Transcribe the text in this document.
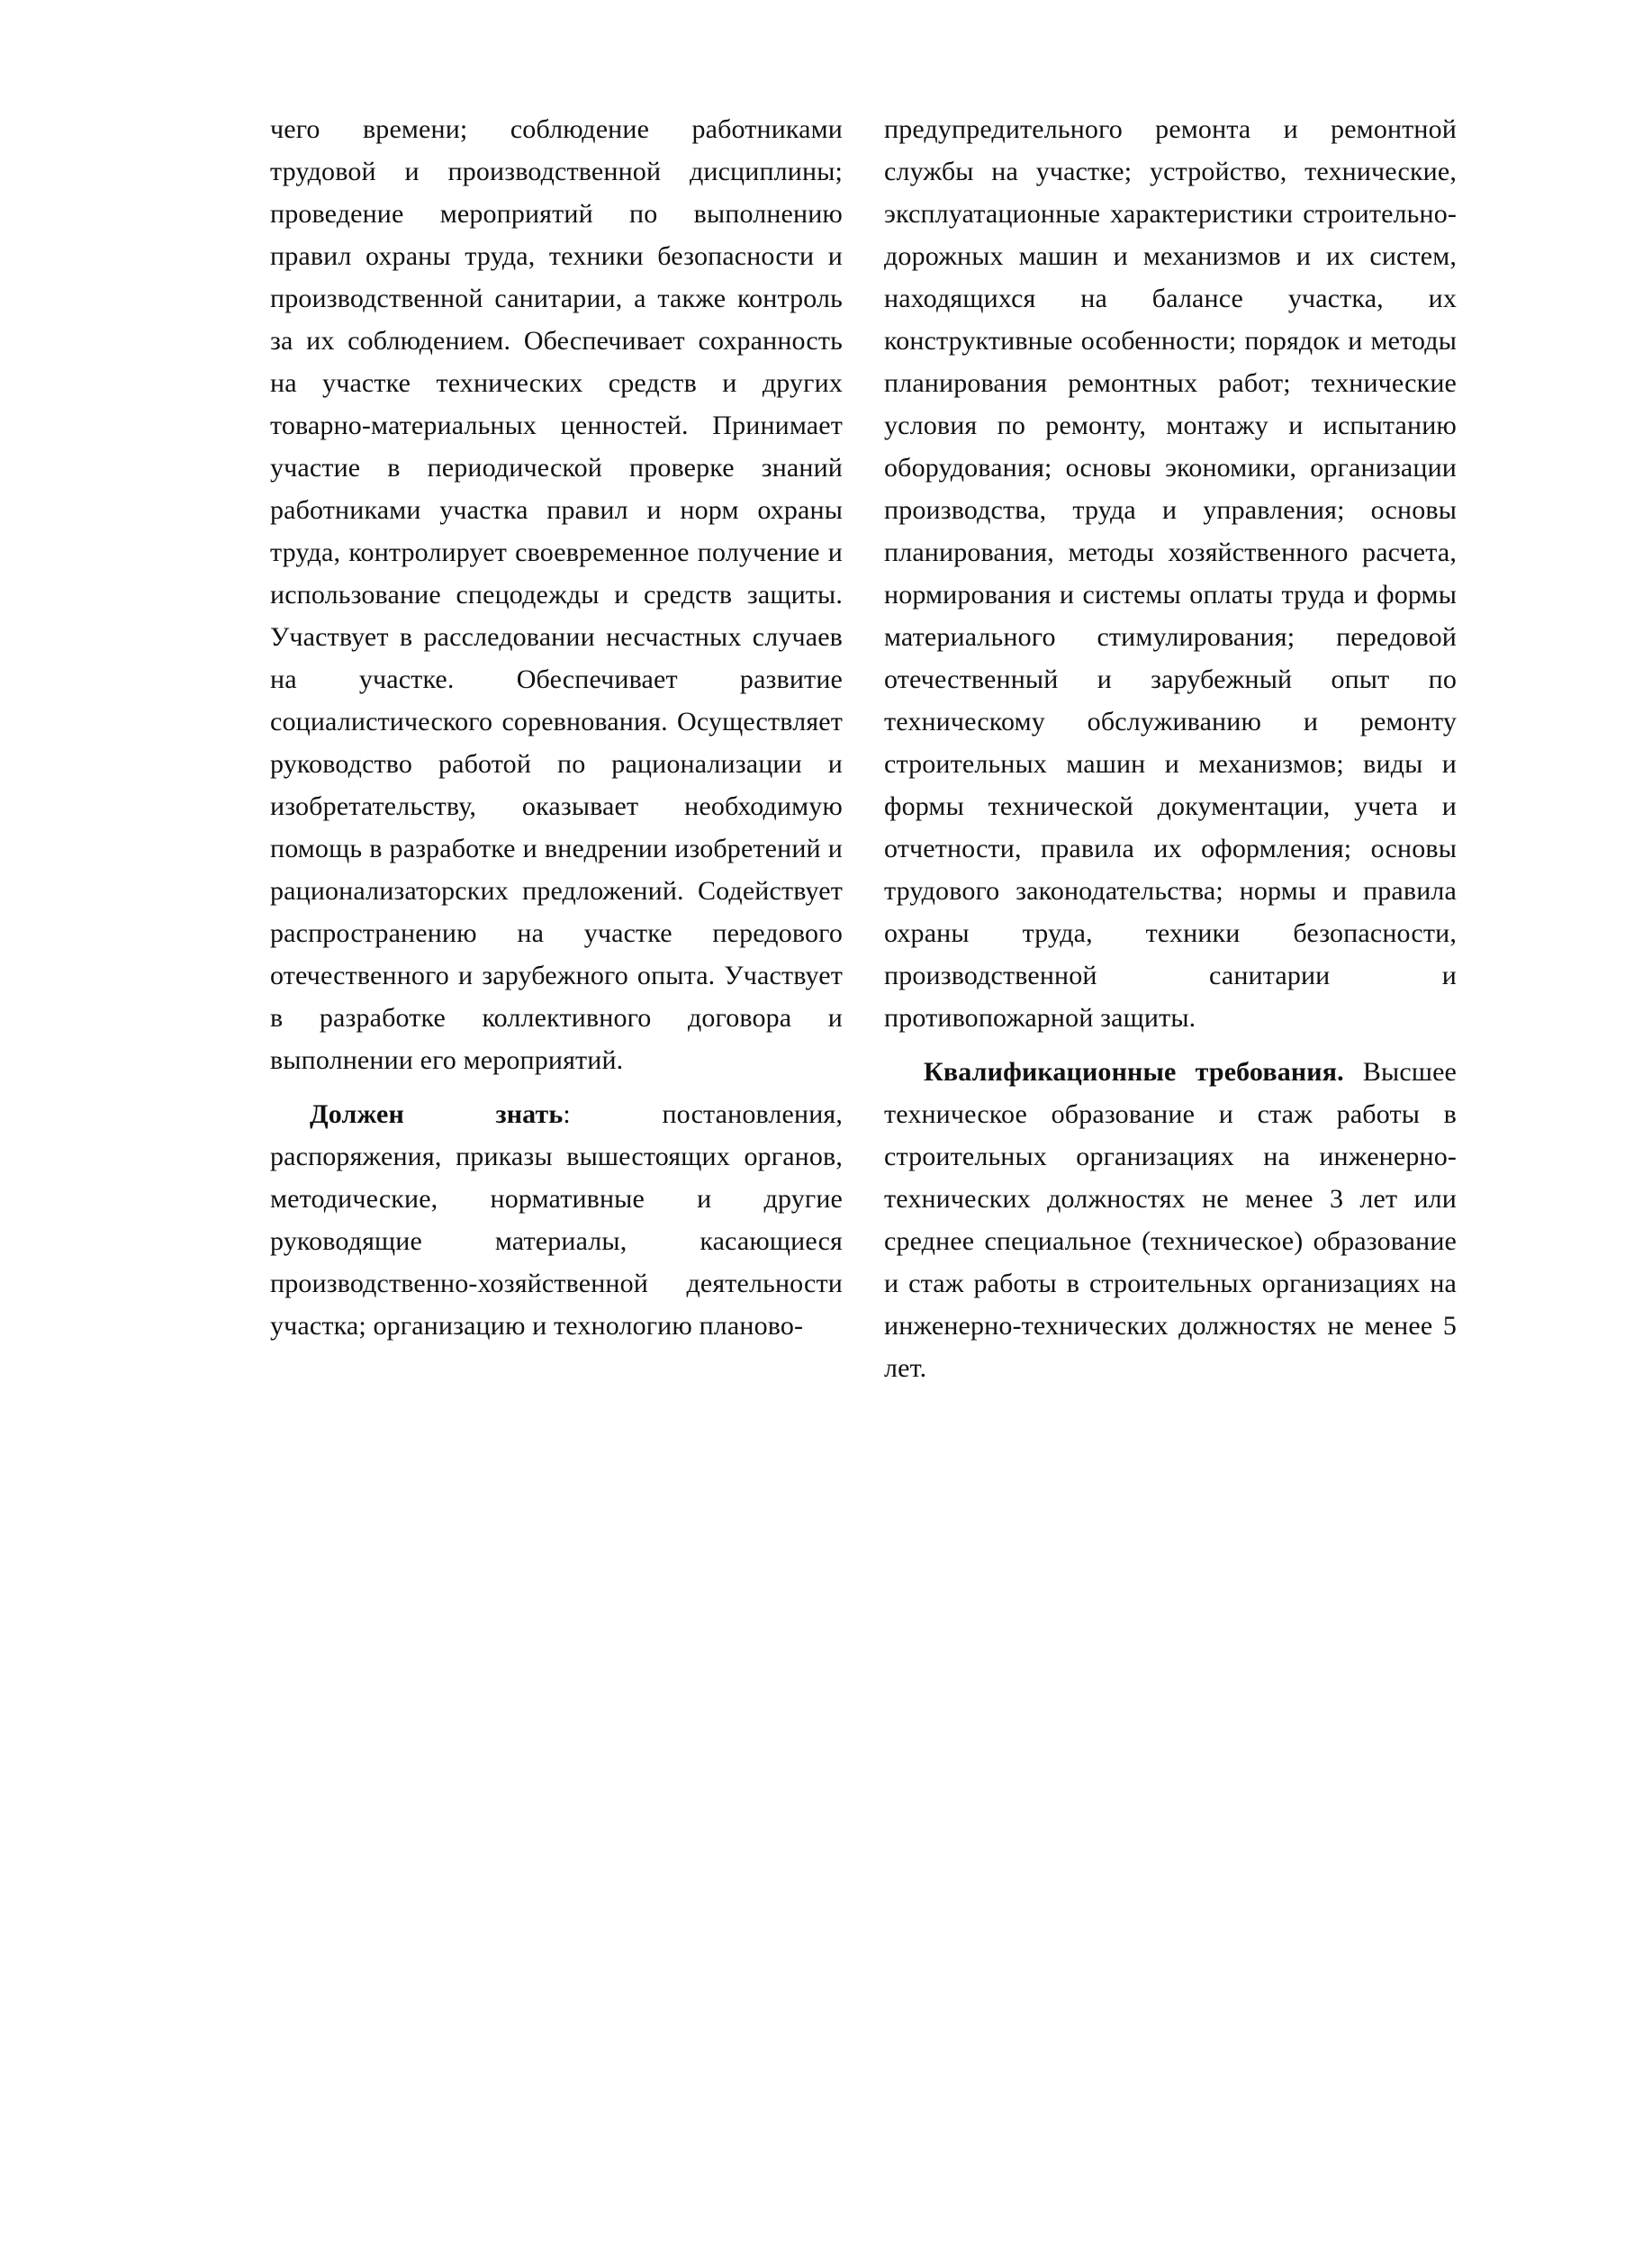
чего времени; соблюдение работниками трудовой и производственной дисциплины; проведение мероприятий по выполнению правил охраны труда, техники безопасности и производственной санитарии, а также контроль за их соблюдением. Обеспечивает сохранность на участке технических средств и других товарно-материальных ценностей. Принимает участие в периодической проверке знаний работниками участка правил и норм охраны труда, контролирует своевременное получение и использование спецодежды и средств защиты. Участвует в расследовании несчастных случаев на участке. Обеспечивает развитие социалистического соревнования. Осуществляет руководство работой по рационализации и изобретательству, оказывает необходимую помощь в разработке и внедрении изобретений и рационализаторских предложений. Содействует распространению на участке передового отечественного и зарубежного опыта. Участвует в разработке коллективного договора и выполнении его мероприятий.

Должен знать: постановления, распоряжения, приказы вышестоящих органов, методические, нормативные и другие руководящие материалы, касающиеся производственно-хозяйственной деятельности участка; организацию и технологию планово-

предупредительного ремонта и ремонтной службы на участке; устройство, технические, эксплуатационные характеристики строительно-дорожных машин и механизмов и их систем, находящихся на балансе участка, их конструктивные особенности; порядок и методы планирования ремонтных работ; технические условия по ремонту, монтажу и испытанию оборудования; основы экономики, организации производства, труда и управления; основы планирования, методы хозяйственного расчета, нормирования и системы оплаты труда и формы материального стимулирования; передовой отечественный и зарубежный опыт по техническому обслуживанию и ремонту строительных машин и механизмов; виды и формы технической документации, учета и отчетности, правила их оформления; основы трудового законодательства; нормы и правила охраны труда, техники безопасности, производственной санитарии и противопожарной защиты.

Квалификационные требования. Высшее техническое образование и стаж работы в строительных организациях на инженерно-технических должностях не менее 3 лет или среднее специальное (техническое) образование и стаж работы в строительных организациях на инженерно-технических должностях не менее 5 лет.
